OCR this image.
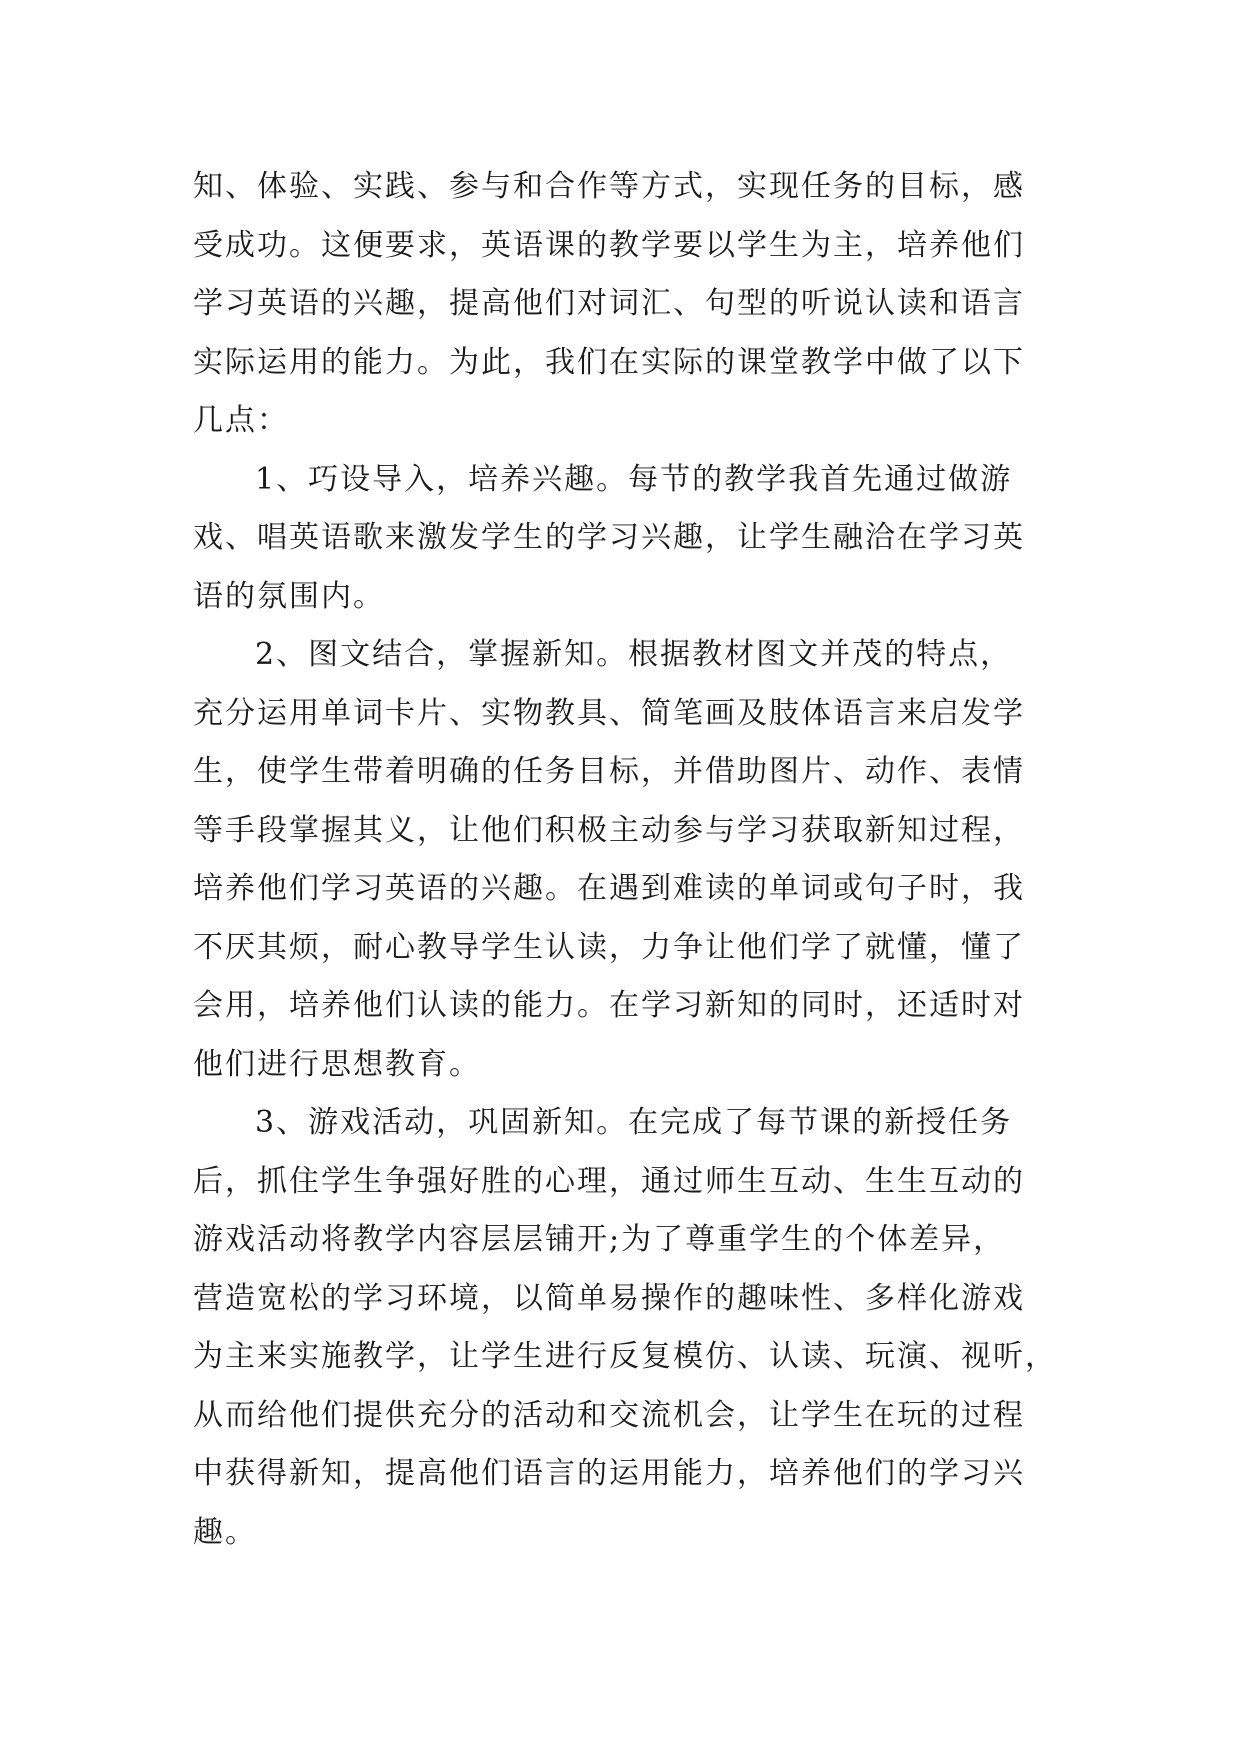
知、体验、实践、参与和合作等方式，实现任务的目标，感
受成功。这便要求，英语课的教学要以学生为主，培养他们
学习英语的兴趣，提高他们对词汇、句型的听说认读和语言
实际运用的能力。为此，我们在实际的课堂教学中做了以下
几点：
1、巧设导入，培养兴趣。每节的教学我首先通过做游
戏、唱英语歌来激发学生的学习兴趣，让学生融洽在学习英
语的氛围内。
2、图文结合，掌握新知。根据教材图文并茂的特点，
充分运用单词卡片、实物教具、简笔画及肢体语言来启发学
生，使学生带着明确的任务目标，并借助图片、动作、表情
等手段掌握其义，让他们积极主动参与学习获取新知过程，
培养他们学习英语的兴趣。在遇到难读的单词或句子时，我
不厌其烦，耐心教导学生认读，力争让他们学了就懂，懂了
会用，培养他们认读的能力。在学习新知的同时，还适时对
他们进行思想教育。
3、游戏活动，巩固新知。在完成了每节课的新授任务
后，抓住学生争强好胜的心理，通过师生互动、生生互动的
游戏活动将教学内容层层铺开;为了尊重学生的个体差异，
营造宽松的学习环境，以简单易操作的趣味性、多样化游戏
为主来实施教学，让学生进行反复模仿、认读、玩演、视听，
从而给他们提供充分的活动和交流机会，让学生在玩的过程
中获得新知，提高他们语言的运用能力，培养他们的学习兴
趣。
